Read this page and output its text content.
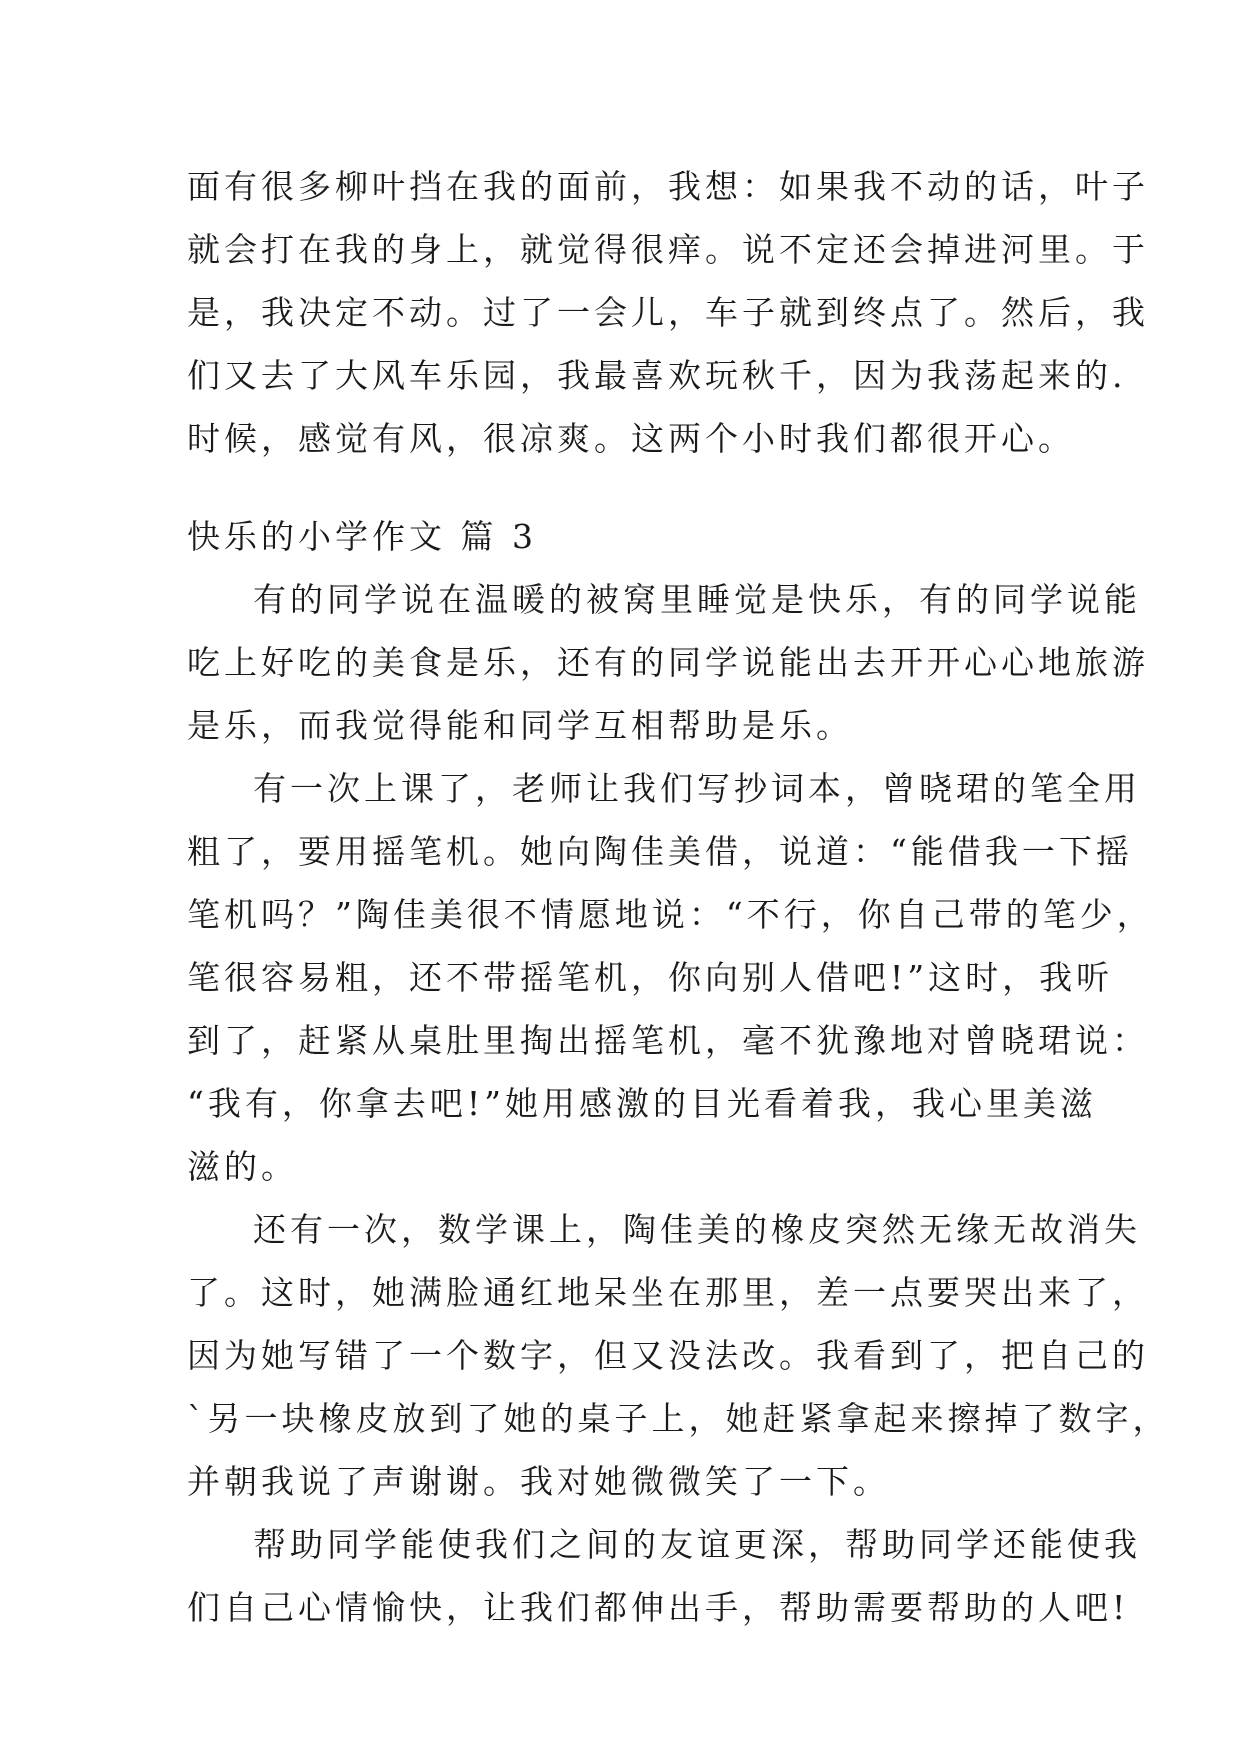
面有很多柳叶挡在我的面前，我想：如果我不动的话，叶子
就会打在我的身上，就觉得很痒。说不定还会掉进河里。于
是，我决定不动。过了一会儿，车子就到终点了。然后，我
们又去了大风车乐园，我最喜欢玩秋千，因为我荡起来的.
时候，感觉有风，很凉爽。这两个小时我们都很开心。
快乐的小学作文 篇 3
有的同学说在温暖的被窝里睡觉是快乐，有的同学说能
吃上好吃的美食是乐，还有的同学说能出去开开心心地旅游
是乐，而我觉得能和同学互相帮助是乐。
有一次上课了，老师让我们写抄词本，曾晓珺的笔全用
粗了，要用摇笔机。她向陶佳美借，说道：“能借我一下摇
笔机吗？”陶佳美很不情愿地说：“不行，你自己带的笔少，
笔很容易粗，还不带摇笔机，你向别人借吧!”这时，我听
到了，赶紧从桌肚里掏出摇笔机，毫不犹豫地对曾晓珺说：
“我有，你拿去吧!”她用感激的目光看着我，我心里美滋
滋的。
还有一次，数学课上，陶佳美的橡皮突然无缘无故消失
了。这时，她满脸通红地呆坐在那里，差一点要哭出来了，
因为她写错了一个数字，但又没法改。我看到了，把自己的
`另一块橡皮放到了她的桌子上，她赶紧拿起来擦掉了数字，
并朝我说了声谢谢。我对她微微笑了一下。
帮助同学能使我们之间的友谊更深，帮助同学还能使我
们自己心情愉快，让我们都伸出手，帮助需要帮助的人吧!
